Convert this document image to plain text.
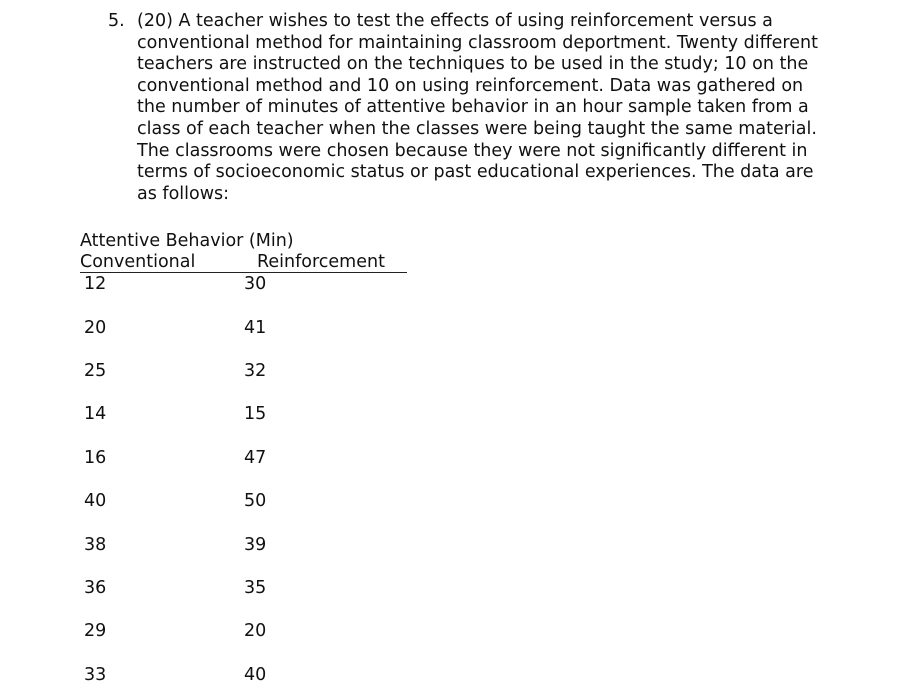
5. (20) A teacher wishes to test the effects of using reinforcement versus a conventional method for maintaining classroom deportment. Twenty different teachers are instructed on the techniques to be used in the study; 10 on the conventional method and 10 on using reinforcement. Data was gathered on the number of minutes of attentive behavior in an hour sample taken from a class of each teacher when the classes were being taught the same material. The classrooms were chosen because they were not significantly different in terms of socioeconomic status or past educational experiences. The data are as follows:
Attentive Behavior (Min)
Conventional	Reinforcement
12	30
20	41
25	32
14	15
16	47
40	50
38	39
36	35
29	20
33	40
